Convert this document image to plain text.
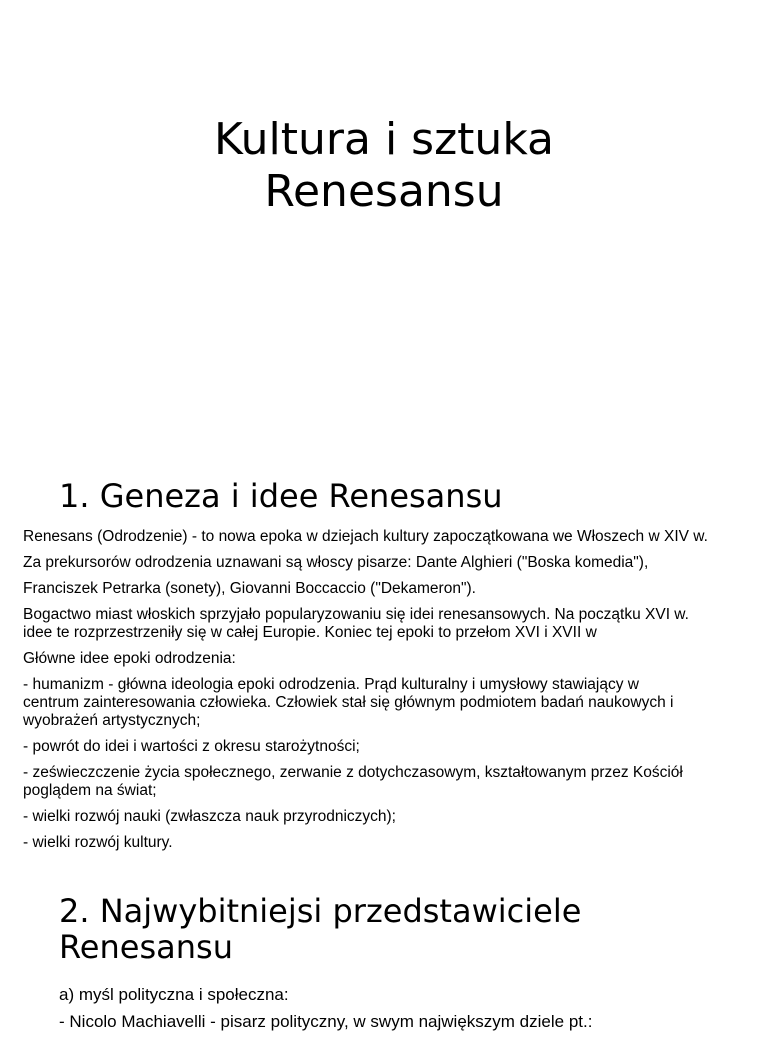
Kultura i sztuka
Renesansu
1. Geneza i idee Renesansu

Renesans (Odrodzenie) - to nowa epoka w dziejach kultury zapoczątkowana we Włoszech w XIV w.

Za prekursorów odrodzenia uznawani są włoscy pisarze: Dante Alghieri ("Boska komedia"),

Franciszek Petrarka (sonety), Giovanni Boccaccio ("Dekameron").

Bogactwo miast włoskich sprzyjało popularyzowaniu się idei renesansowych. Na początku XVI w.
idee te rozprzestrzeniły się w całej Europie. Koniec tej epoki to przełom XVI i XVII w

Główne idee epoki odrodzenia:

- humanizm - główna ideologia epoki odrodzenia. Prąd kulturalny i umysłowy stawiający w
centrum zainteresowania człowieka. Człowiek stał się głównym podmiotem badań naukowych i
wyobrażeń artystycznych;

- powrót do idei i wartości z okresu starożytności;

- ześwieczczenie życia społecznego, zerwanie z dotychczasowym, kształtowanym przez Kościół
poglądem na świat;

- wielki rozwój nauki (zwłaszcza nauk przyrodniczych);

- wielki rozwój kultury.

2. Najwybitniejsi przedstawiciele
Renesansu

a) myśl polityczna i społeczna:

- Nicolo Machiavelli - pisarz polityczny, w swym największym dziele pt.:
